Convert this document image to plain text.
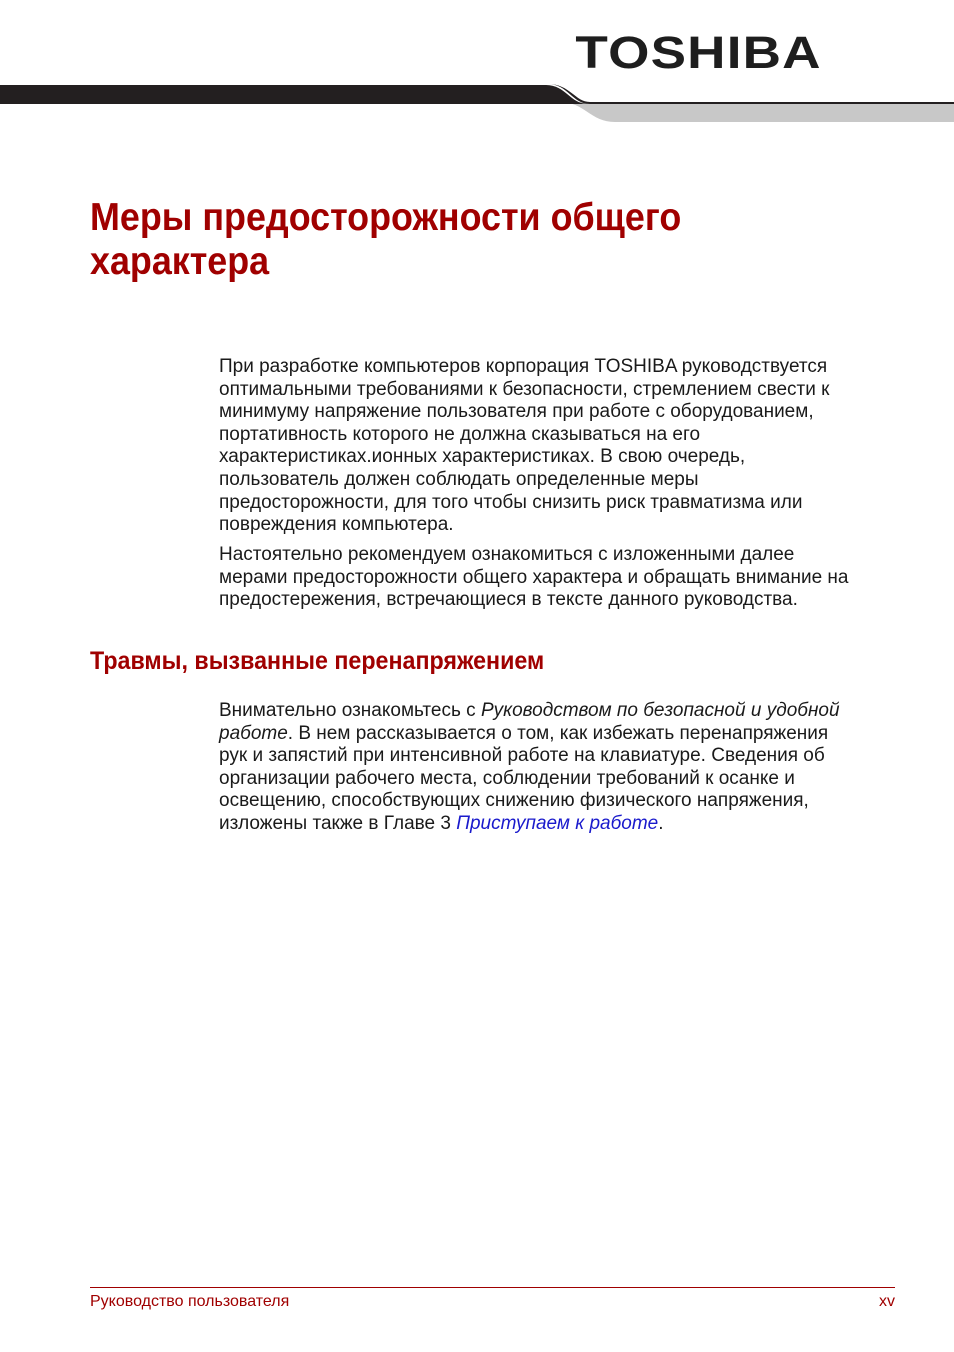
TOSHIBA
Меры предосторожности общего
характера
При разработке компьютеров корпорация TOSHIBA руководствуется
оптимальными требованиями к безопасности, стремлением свести к
минимуму напряжение пользователя при работе с оборудованием,
портативность которого не должна сказываться на его
характеристиках.ионных характеристиках. В свою очередь,
пользователь должен соблюдать определенные меры
предосторожности, для того чтобы снизить риск травматизма или
повреждения компьютера.
Настоятельно рекомендуем ознакомиться с изложенными далее
мерами предосторожности общего характера и обращать внимание на
предостережения, встречающиеся в тексте данного руководства.
Травмы, вызванные перенапряжением
Внимательно ознакомьтесь с Руководством по безопасной и удобной
работе. В нем рассказывается о том, как избежать перенапряжения
рук и запястий при интенсивной работе на клавиатуре. Сведения об
организации рабочего места, соблюдении требований к осанке и
освещению, способствующих снижению физического напряжения,
изложены также в Главе 3 Приступаем к работе.
Руководство пользователя	xv
